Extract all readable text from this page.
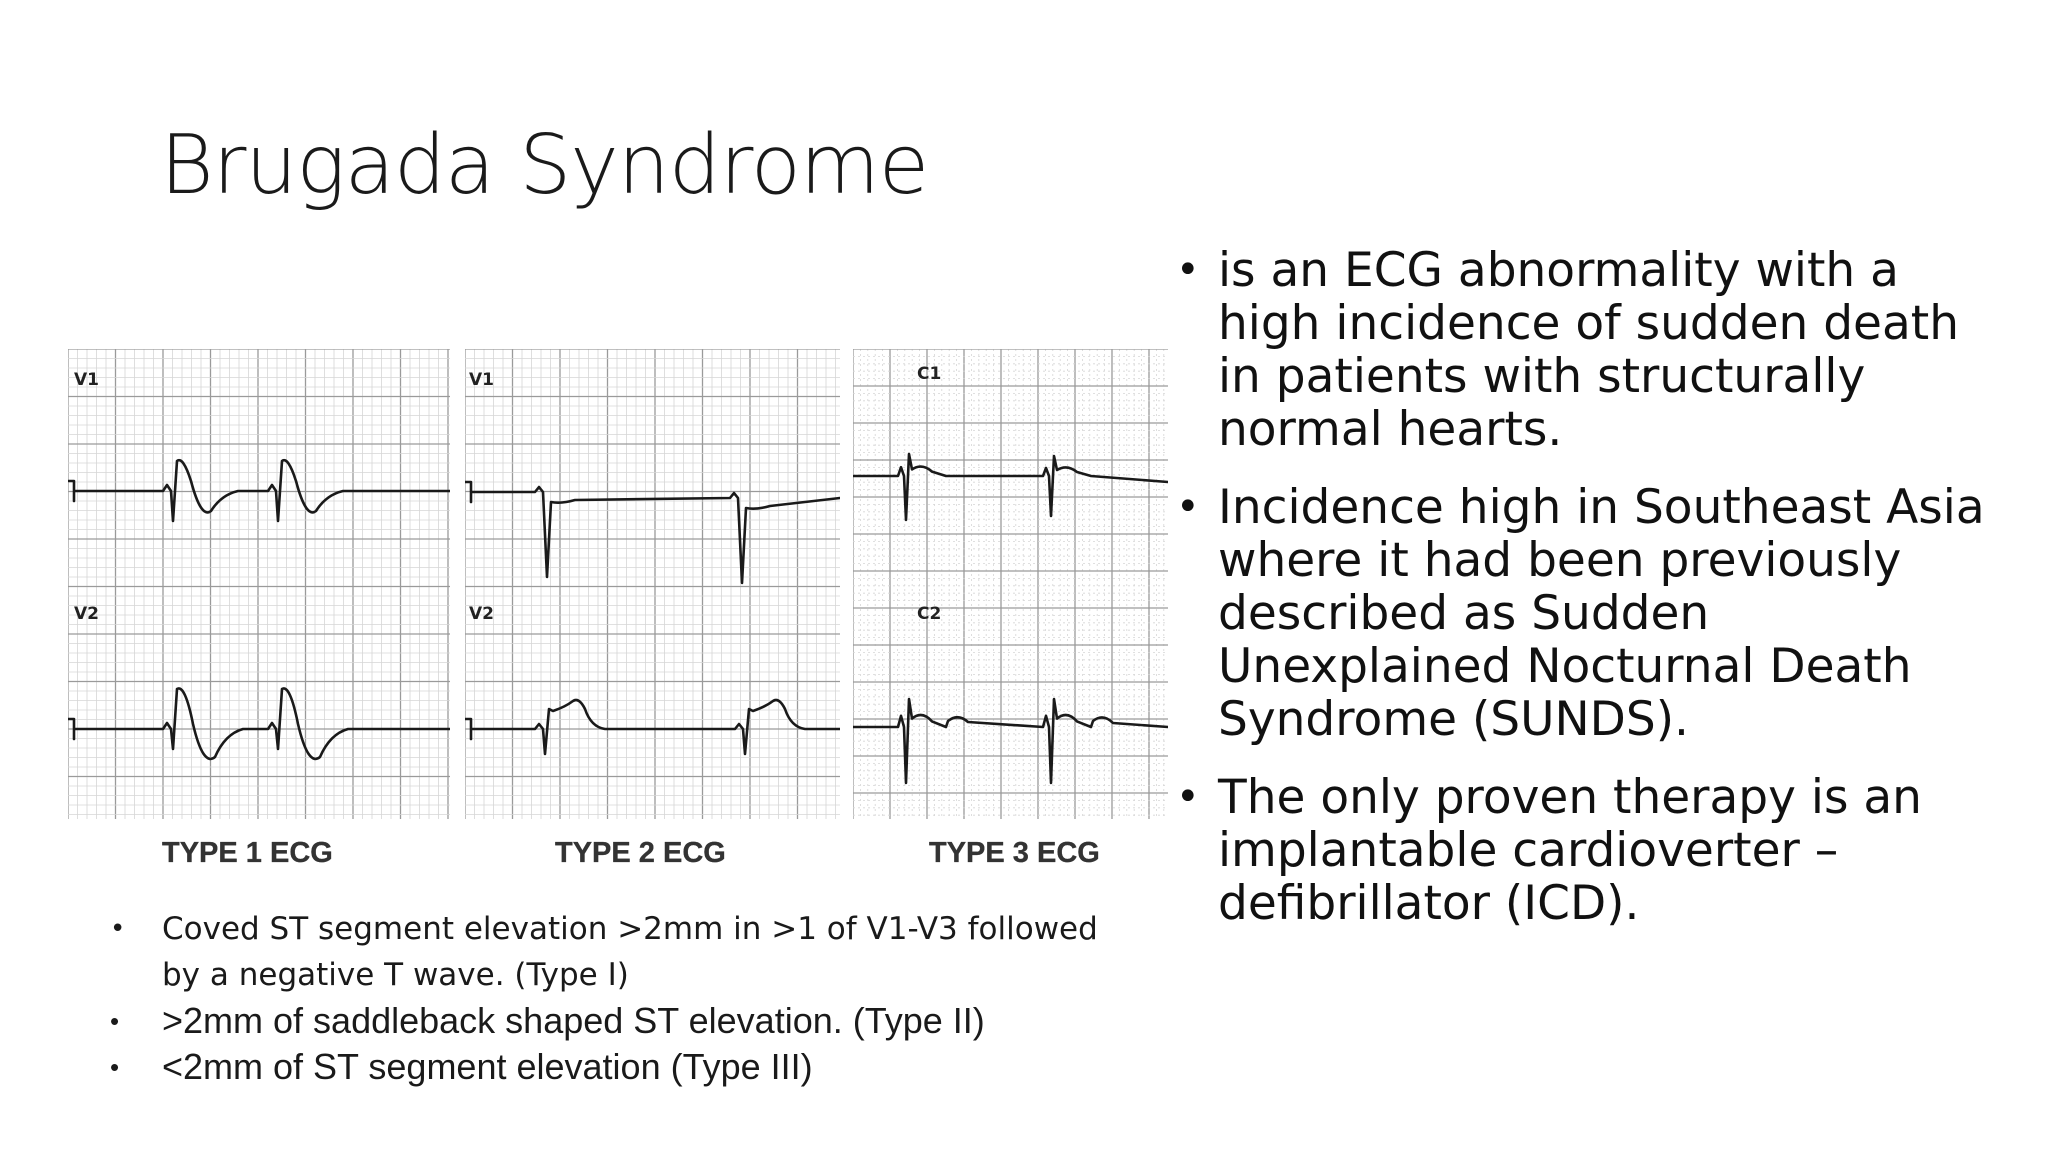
Brugada Syndrome
• is an ECG abnormality with a high incidence of sudden death in patients with structurally normal hearts.
• Incidence high in Southeast Asia where it had been previously described as Sudden Unexplained Nocturnal Death Syndrome (SUNDS).
• The only proven therapy is an implantable cardioverter – defibrillator (ICD).
V1
V2
V1
V2
C1
C2
TYPE 1 ECG	TYPE 2 ECG	TYPE 3 ECG
• Coved ST segment elevation >2mm in >1 of V1-V3 followed by a negative T wave. (Type I)
• >2mm of saddleback shaped ST elevation. (Type II)
• <2mm of ST segment elevation (Type III)
